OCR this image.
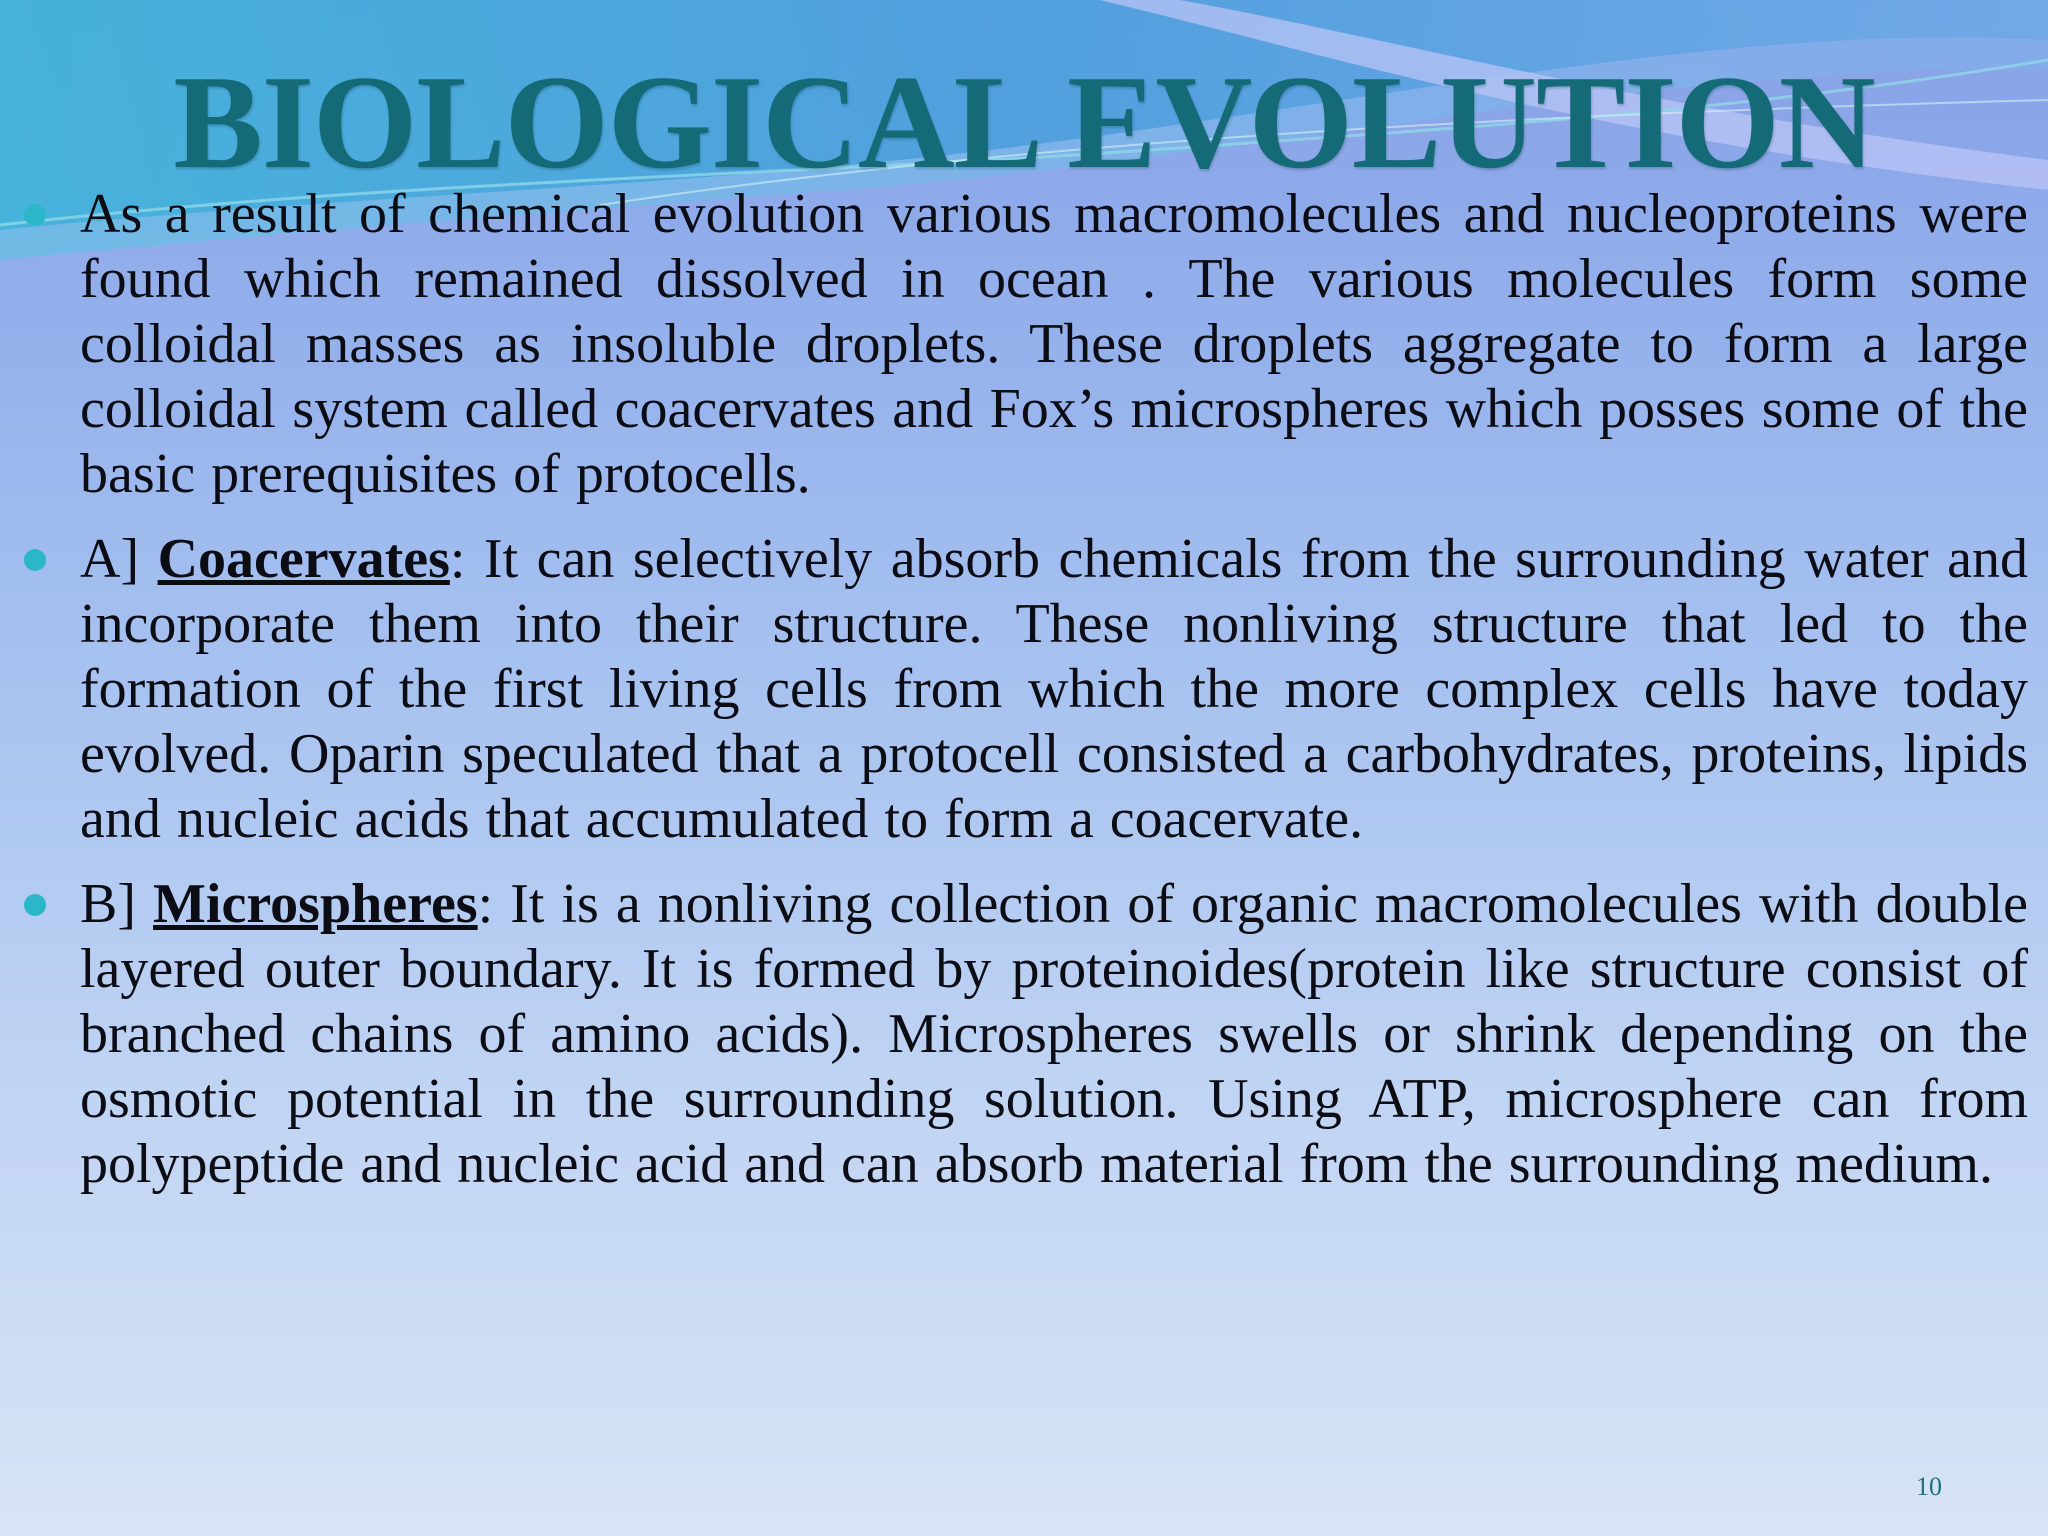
BIOLOGICAL EVOLUTION

As a result of chemical evolution various macromolecules and nucleoproteins were found which remained dissolved in ocean . The various molecules form some colloidal masses as insoluble droplets. These droplets aggregate to form a large colloidal system called coacervates and Fox’s microspheres which posses some of the basic prerequisites of protocells.

A] Coacervates: It can selectively absorb chemicals from the surrounding water and incorporate them into their structure. These nonliving structure that led to the formation of the first living cells from which the more complex cells have today evolved. Oparin speculated that a protocell consisted a carbohydrates, proteins, lipids and nucleic acids that accumulated to form a coacervate.

B] Microspheres: It is a nonliving collection of organic macromolecules with double layered outer boundary. It is formed by proteinoides(protein like structure consist of branched chains of amino acids). Microspheres swells or shrink depending on the osmotic potential in the surrounding solution. Using ATP, microsphere can from polypeptide and nucleic acid and can absorb material from the surrounding medium.

10
